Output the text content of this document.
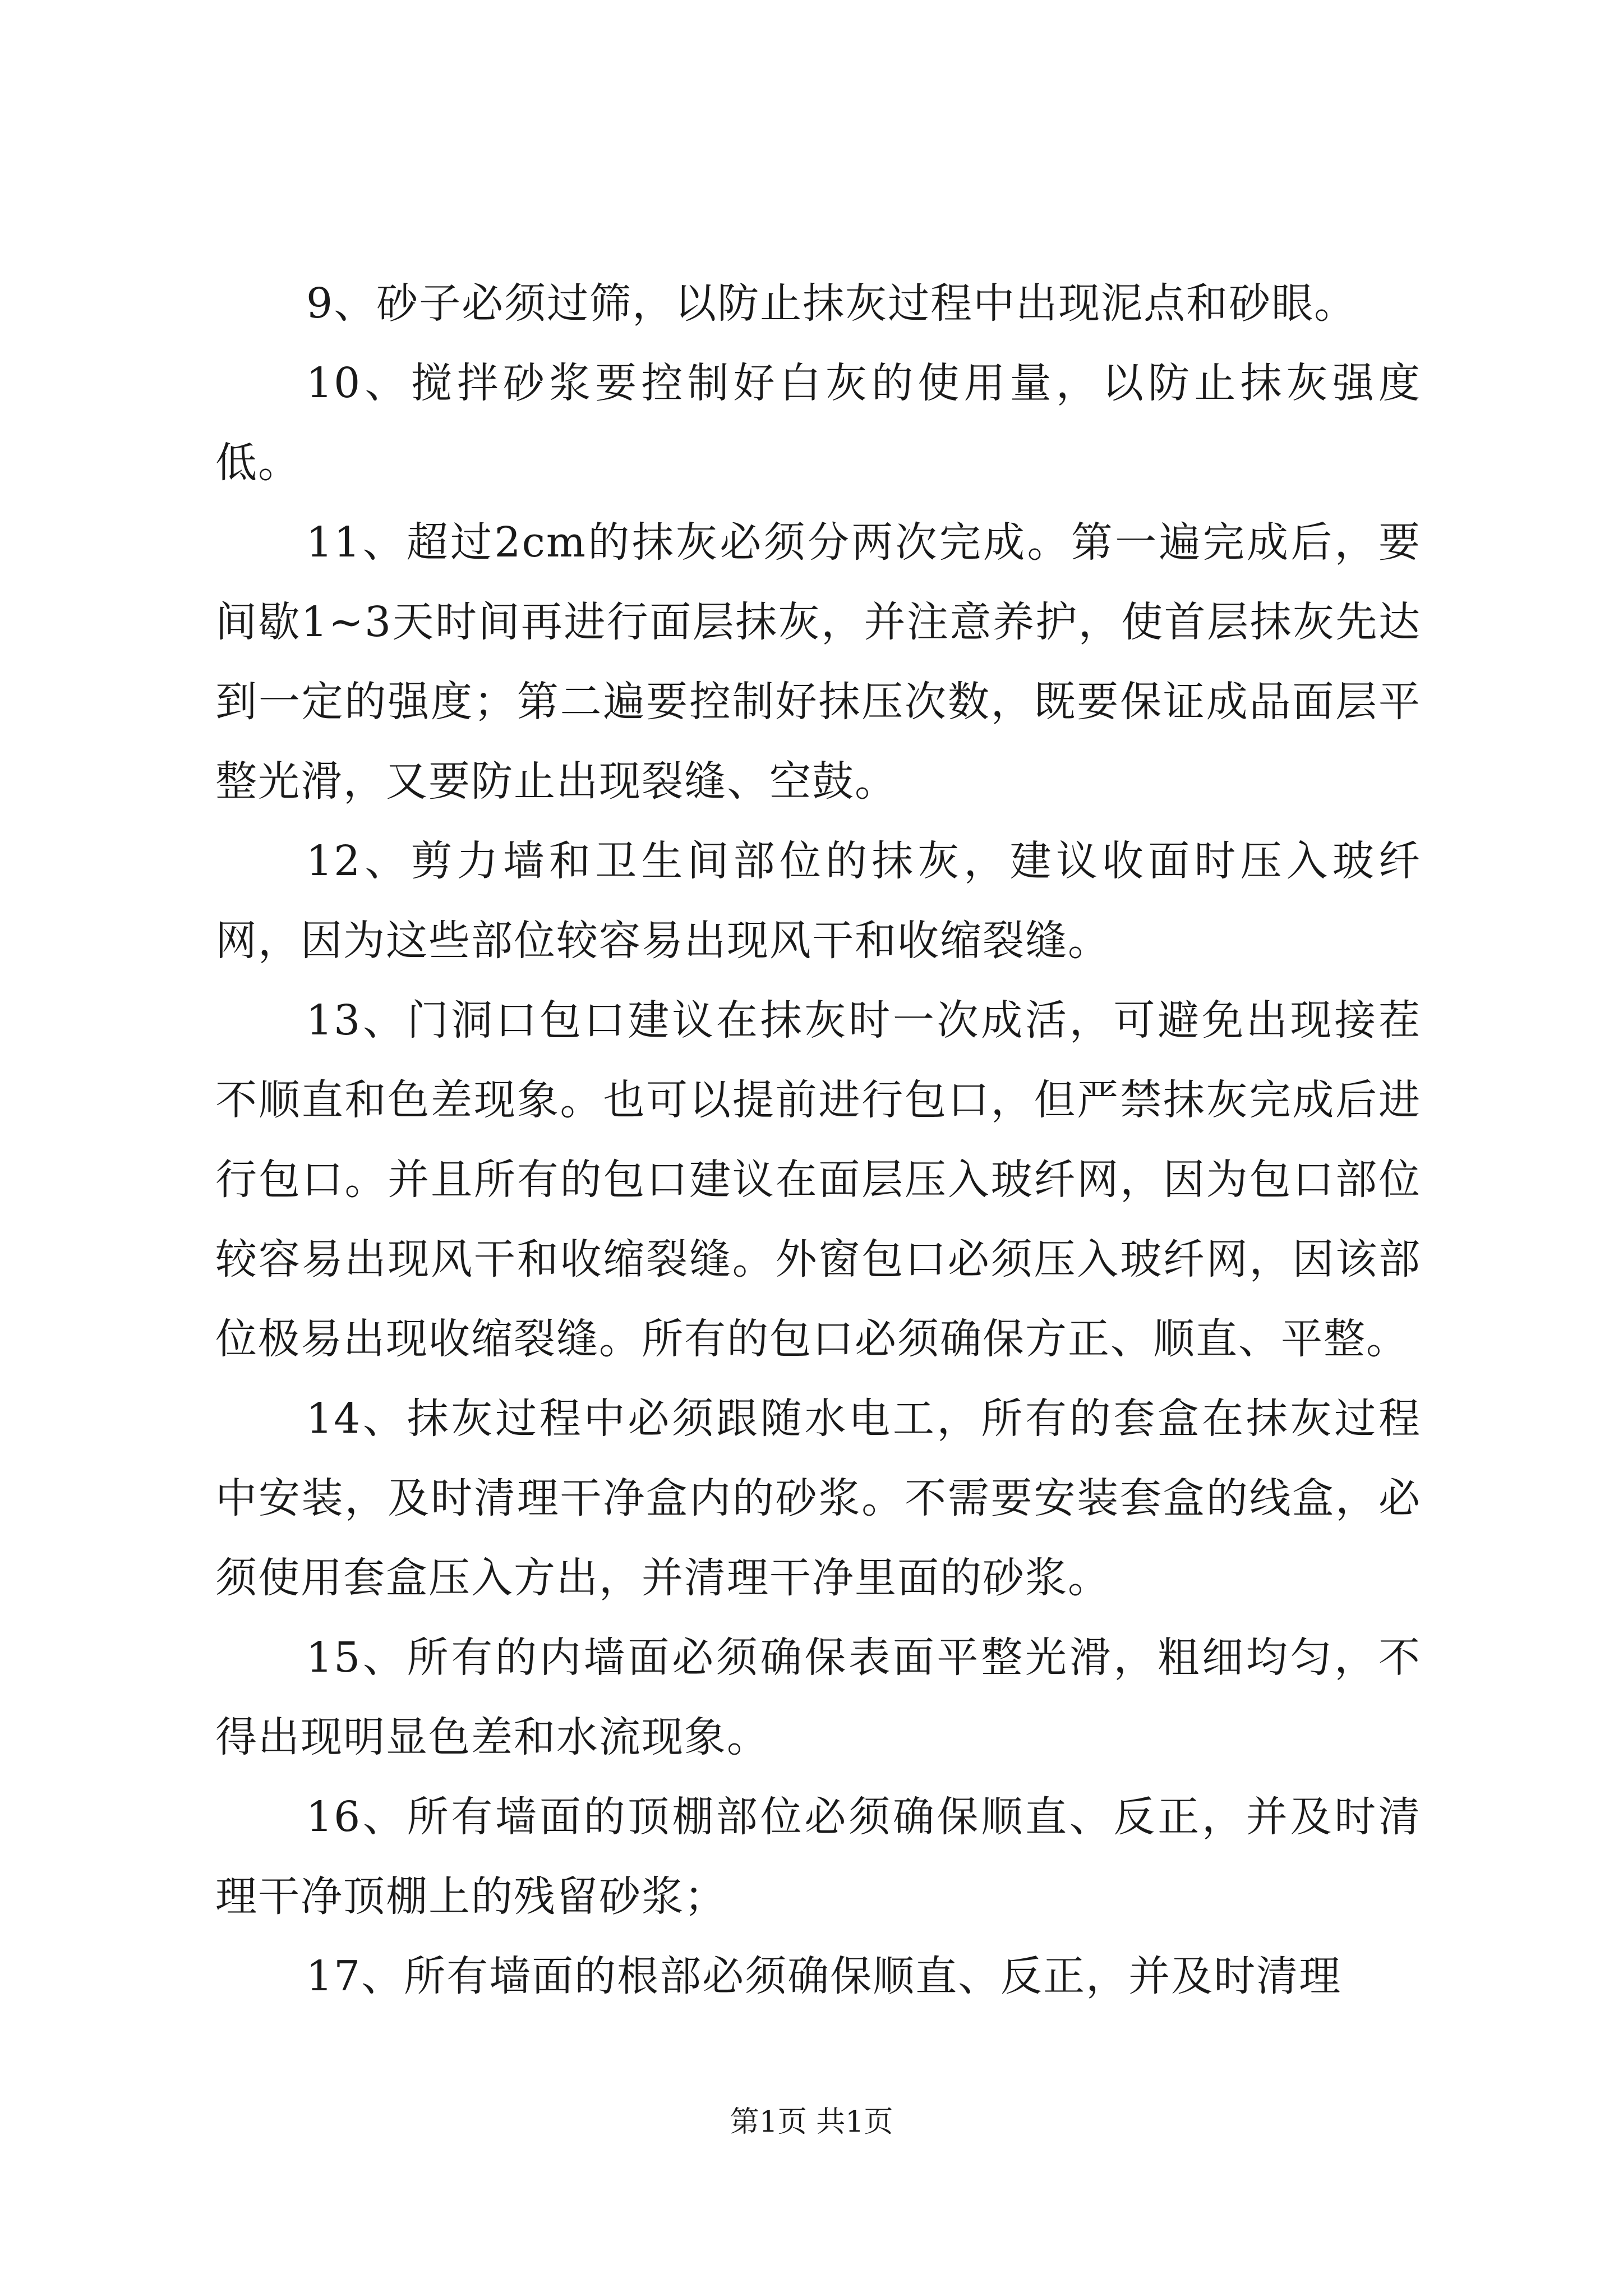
9、砂子必须过筛，以防止抹灰过程中出现泥点和砂眼。

10、搅拌砂浆要控制好白灰的使用量，以防止抹灰强度低。

11、超过2cm的抹灰必须分两次完成。第一遍完成后，要间歇1~3天时间再进行面层抹灰，并注意养护，使首层抹灰先达到一定的强度；第二遍要控制好抹压次数，既要保证成品面层平整光滑，又要防止出现裂缝、空鼓。

12、剪力墙和卫生间部位的抹灰，建议收面时压入玻纤网，因为这些部位较容易出现风干和收缩裂缝。

13、门洞口包口建议在抹灰时一次成活，可避免出现接茬不顺直和色差现象。也可以提前进行包口，但严禁抹灰完成后进行包口。并且所有的包口建议在面层压入玻纤网，因为包口部位较容易出现风干和收缩裂缝。外窗包口必须压入玻纤网，因该部位极易出现收缩裂缝。所有的包口必须确保方正、顺直、平整。

14、抹灰过程中必须跟随水电工，所有的套盒在抹灰过程中安装，及时清理干净盒内的砂浆。不需要安装套盒的线盒，必须使用套盒压入方出，并清理干净里面的砂浆。

15、所有的内墙面必须确保表面平整光滑，粗细均匀，不得出现明显色差和水流现象。

16、所有墙面的顶棚部位必须确保顺直、反正，并及时清理干净顶棚上的残留砂浆；

17、所有墙面的根部必须确保顺直、反正，并及时清理

第1页 共1页
